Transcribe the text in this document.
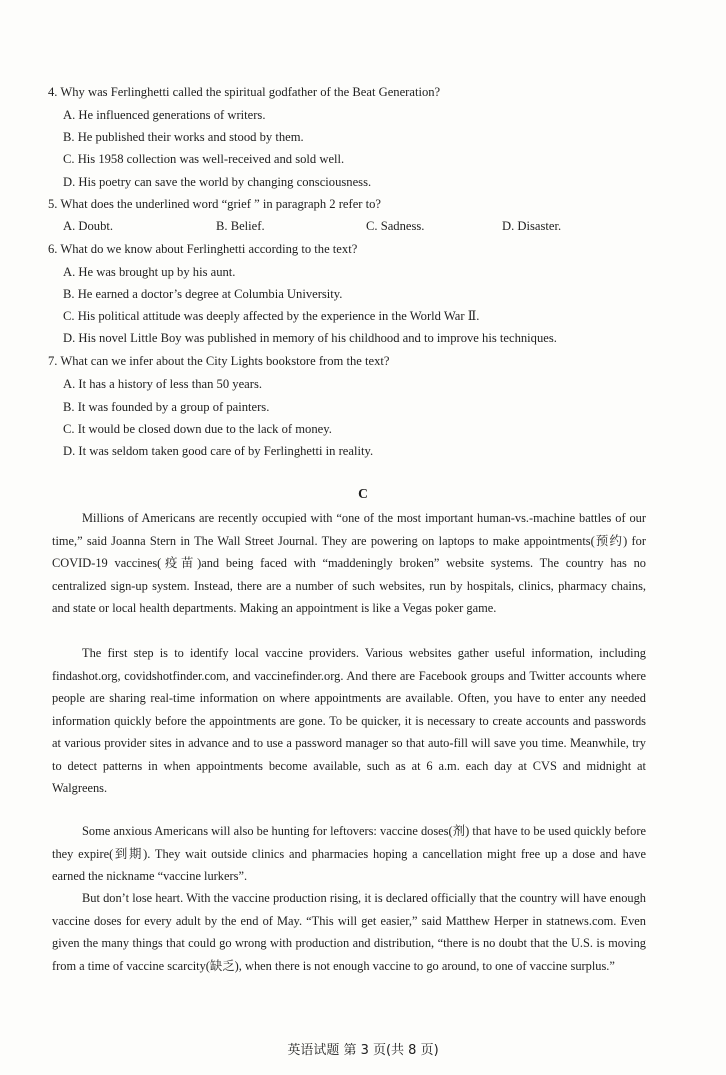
4. Why was Ferlinghetti called the spiritual godfather of the Beat Generation?
A. He influenced generations of writers.
B. He published their works and stood by them.
C. His 1958 collection was well-received and sold well.
D. His poetry can save the world by changing consciousness.
5. What does the underlined word “grief ” in paragraph 2 refer to?
A. Doubt.	B. Belief.	C. Sadness.	D. Disaster.
6. What do we know about Ferlinghetti according to the text?
A. He was brought up by his aunt.
B. He earned a doctor’s degree at Columbia University.
C. His political attitude was deeply affected by the experience in the World War Ⅱ.
D. His novel Little Boy was published in memory of his childhood and to improve his techniques.
7. What can we infer about the City Lights bookstore from the text?
A. It has a history of less than 50 years.
B. It was founded by a group of painters.
C. It would be closed down due to the lack of money.
D. It was seldom taken good care of by Ferlinghetti in reality.
C

Millions of Americans are recently occupied with “one of the most important human-vs.-machine battles of our time,” said Joanna Stern in The Wall Street Journal. They are powering on laptops to make appointments(预约) for COVID-19 vaccines(疫苗)and being faced with “maddeningly broken” website systems. The country has no centralized sign-up system. Instead, there are a number of such websites, run by hospitals, clinics, pharmacy chains, and state or local health departments. Making an appointment is like a Vegas poker game.

The first step is to identify local vaccine providers. Various websites gather useful information, including findashot.org, covidshotfinder.com, and vaccinefinder.org. And there are Facebook groups and Twitter accounts where people are sharing real-time information on where appointments are available. Often, you have to enter any needed information quickly before the appointments are gone. To be quicker, it is necessary to create accounts and passwords at various provider sites in advance and to use a password manager so that auto-fill will save you time. Meanwhile, try to detect patterns in when appointments become available, such as at 6 a.m. each day at CVS and midnight at Walgreens.

Some anxious Americans will also be hunting for leftovers: vaccine doses(剂) that have to be used quickly before they expire(到期). They wait outside clinics and pharmacies hoping a cancellation might free up a dose and have earned the nickname “vaccine lurkers”.

But don’t lose heart. With the vaccine production rising, it is declared officially that the country will have enough vaccine doses for every adult by the end of May. “This will get easier,” said Matthew Herper in statnews.com. Even given the many things that could go wrong with production and distribution, “there is no doubt that the U.S. is moving from a time of vaccine scarcity(缺乏), when there is not enough vaccine to go around, to one of vaccine surplus.”

英语试题 第 3 页(共 8 页)
